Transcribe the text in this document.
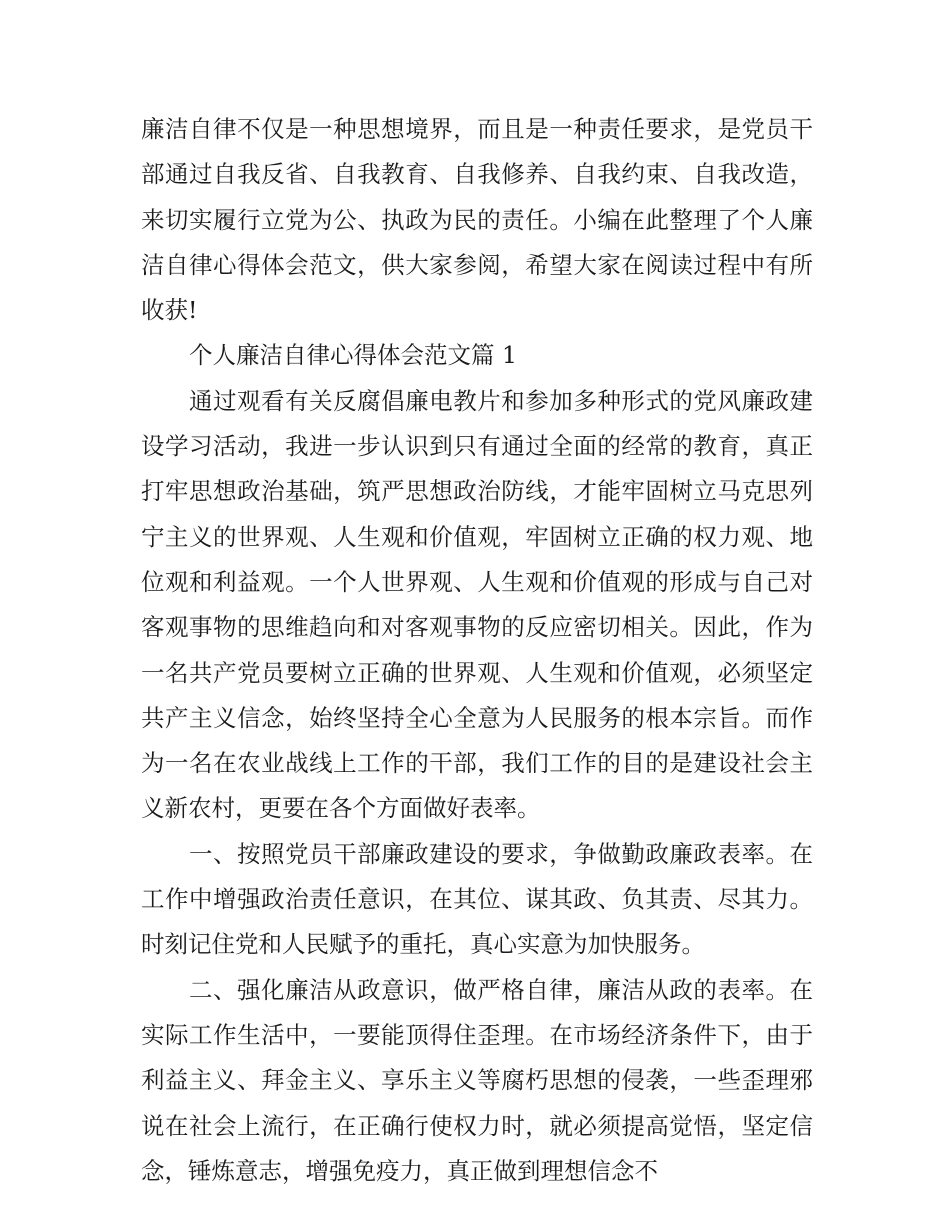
廉洁自律不仅是一种思想境界，而且是一种责任要求，是党员干部通过自我反省、自我教育、自我修养、自我约束、自我改造，来切实履行立党为公、执政为民的责任。小编在此整理了个人廉洁自律心得体会范文，供大家参阅，希望大家在阅读过程中有所收获!

个人廉洁自律心得体会范文篇 1

通过观看有关反腐倡廉电教片和参加多种形式的党风廉政建设学习活动，我进一步认识到只有通过全面的经常的教育，真正打牢思想政治基础，筑严思想政治防线，才能牢固树立马克思列宁主义的世界观、人生观和价值观，牢固树立正确的权力观、地位观和利益观。一个人世界观、人生观和价值观的形成与自己对客观事物的思维趋向和对客观事物的反应密切相关。因此，作为一名共产党员要树立正确的世界观、人生观和价值观，必须坚定共产主义信念，始终坚持全心全意为人民服务的根本宗旨。而作为一名在农业战线上工作的干部，我们工作的目的是建设社会主义新农村，更要在各个方面做好表率。

一、按照党员干部廉政建设的要求，争做勤政廉政表率。在工作中增强政治责任意识，在其位、谋其政、负其责、尽其力。时刻记住党和人民赋予的重托，真心实意为加快服务。

二、强化廉洁从政意识，做严格自律，廉洁从政的表率。在实际工作生活中，一要能顶得住歪理。在市场经济条件下，由于利益主义、拜金主义、享乐主义等腐朽思想的侵袭，一些歪理邪说在社会上流行，在正确行使权力时，就必须提高觉悟，坚定信念，锤炼意志，增强免疫力，真正做到理想信念不
